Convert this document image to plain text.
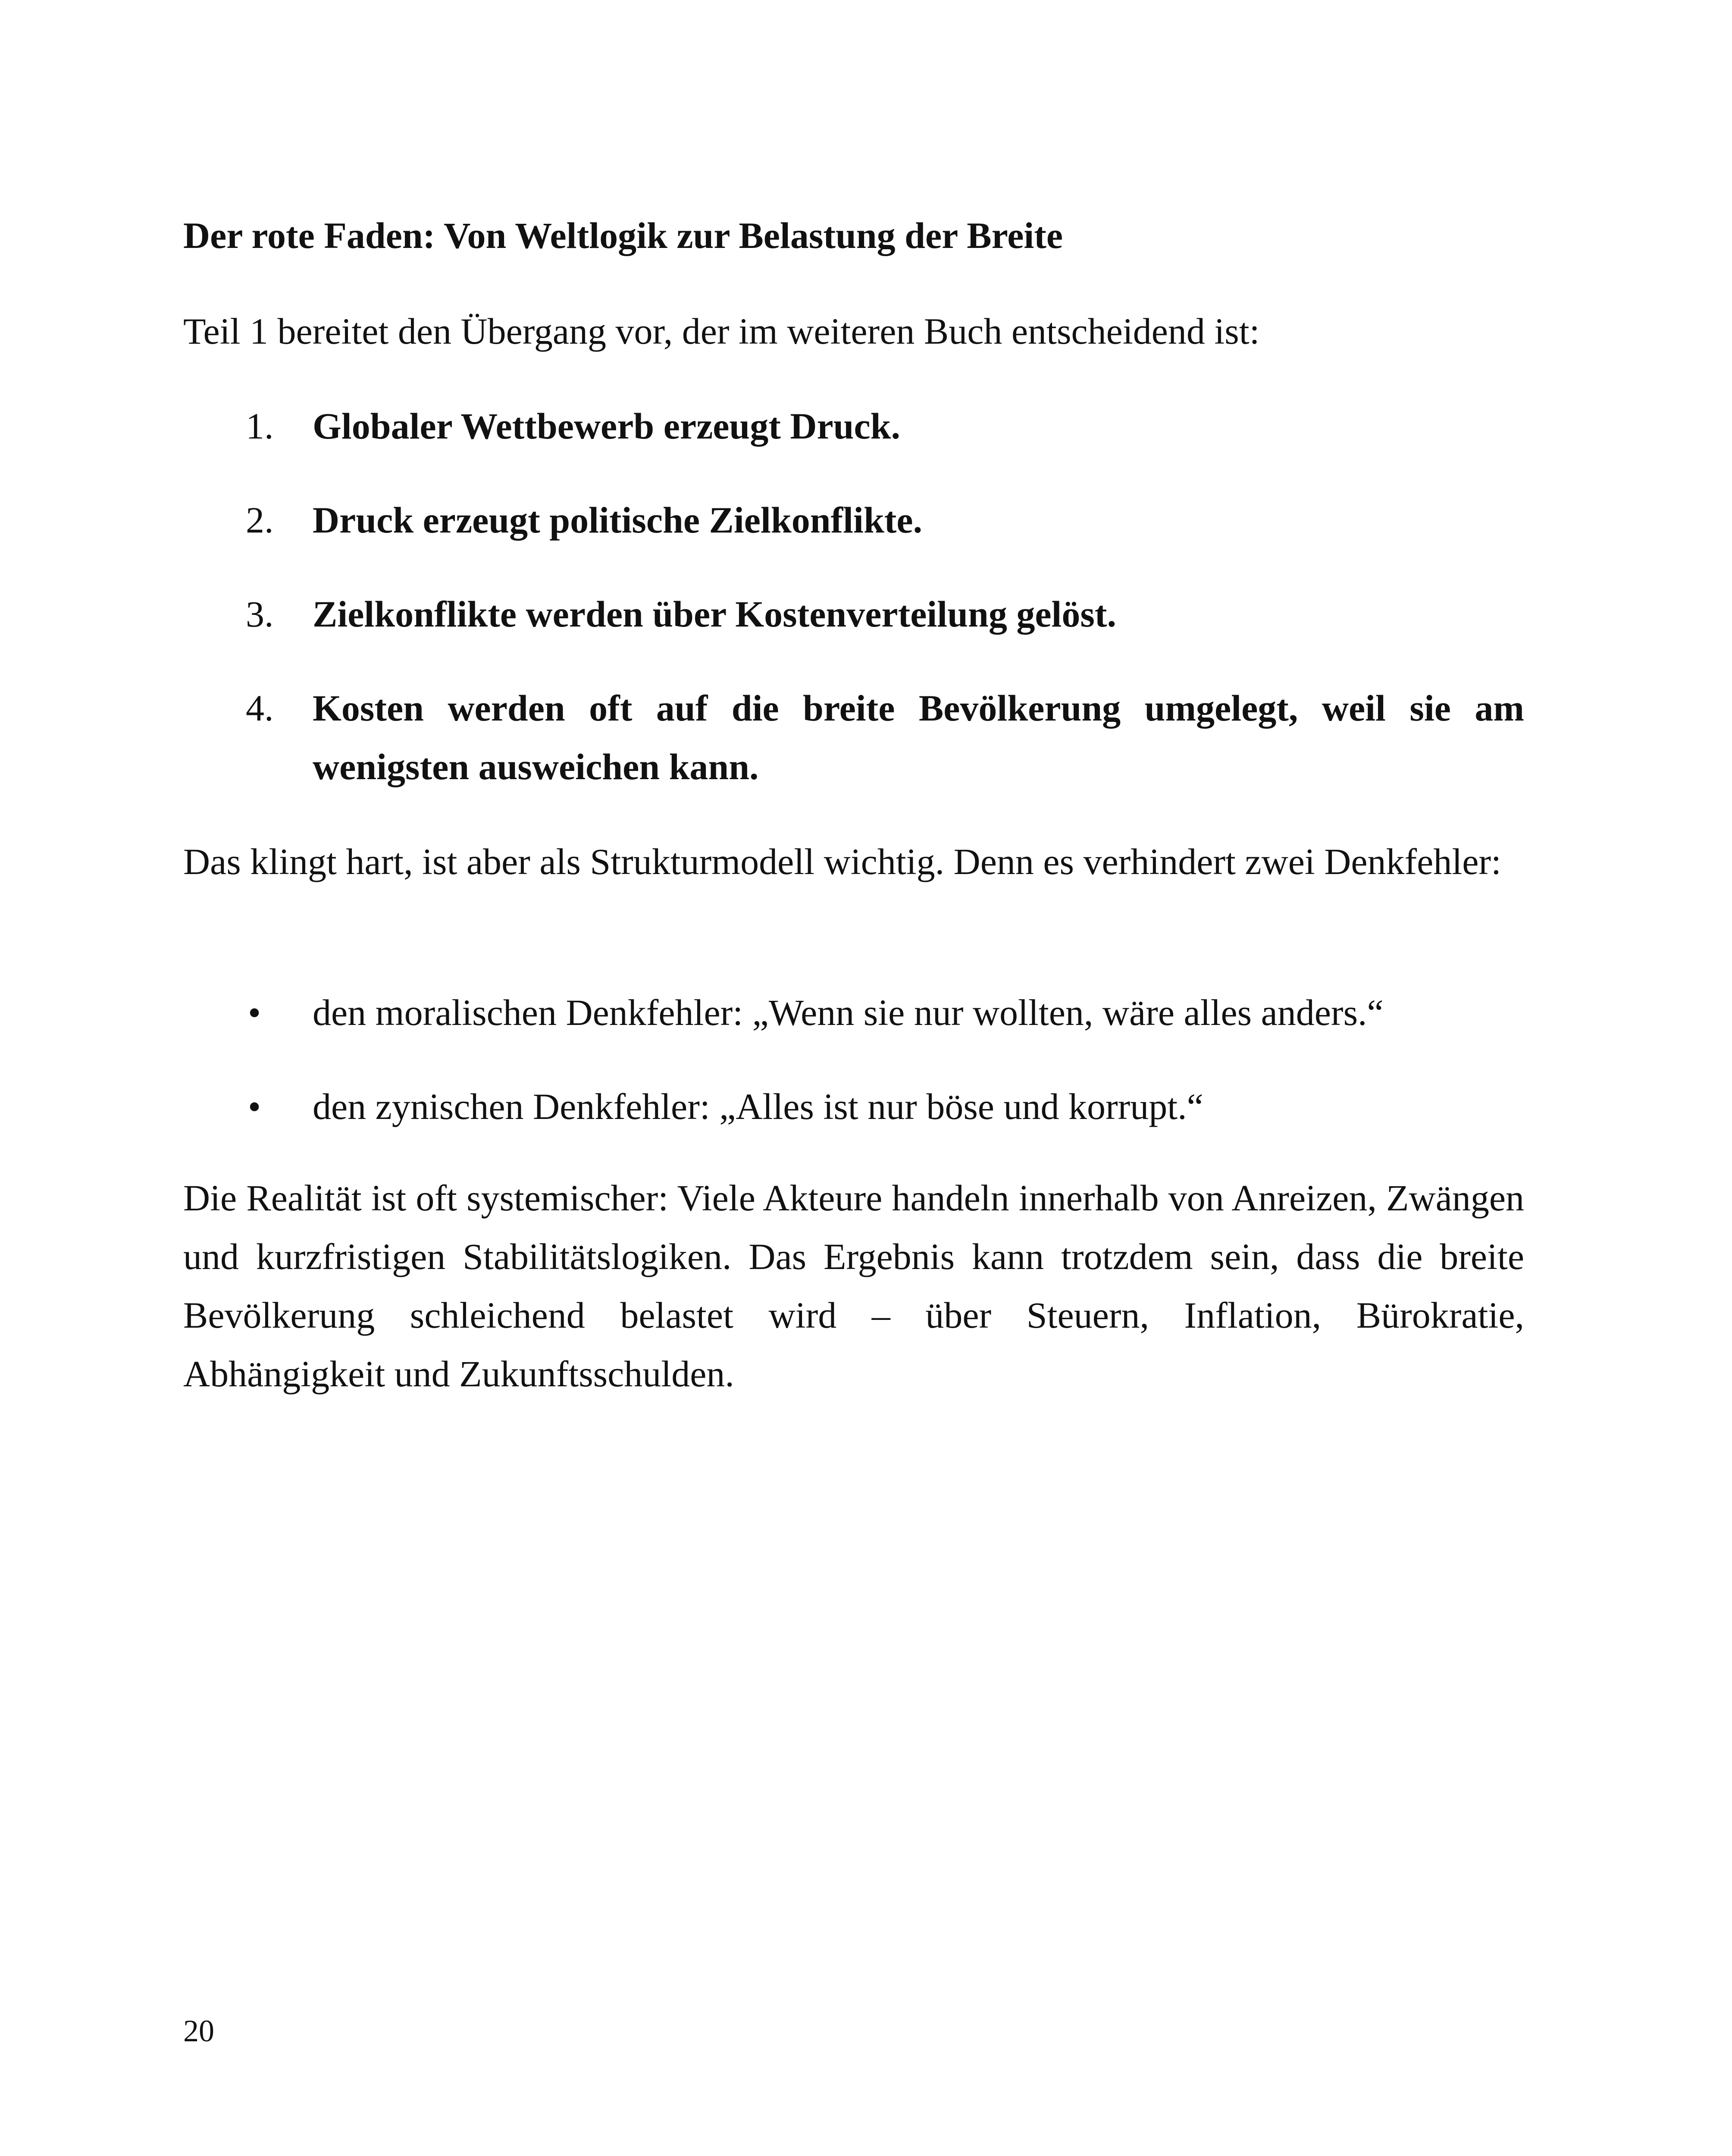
Der rote Faden: Von Weltlogik zur Belastung der Breite
Teil 1 bereitet den Übergang vor, der im weiteren Buch entscheidend ist:
1. Globaler Wettbewerb erzeugt Druck.
2. Druck erzeugt politische Zielkonflikte.
3. Zielkonflikte werden über Kostenverteilung gelöst.
4. Kosten werden oft auf die breite Bevölkerung umgelegt, weil sie am wenigsten ausweichen kann.
Das klingt hart, ist aber als Strukturmodell wichtig. Denn es verhindert zwei Denkfehler:
• den moralischen Denkfehler: „Wenn sie nur wollten, wäre alles anders.“
• den zynischen Denkfehler: „Alles ist nur böse und korrupt.“
Die Realität ist oft systemischer: Viele Akteure handeln innerhalb von Anreizen, Zwängen und kurzfristigen Stabilitätslogiken. Das Ergebnis kann trotzdem sein, dass die breite Bevölkerung schleichend belastet wird – über Steuern, Inflation, Bürokratie, Abhängigkeit und Zukunftsschulden.
20
